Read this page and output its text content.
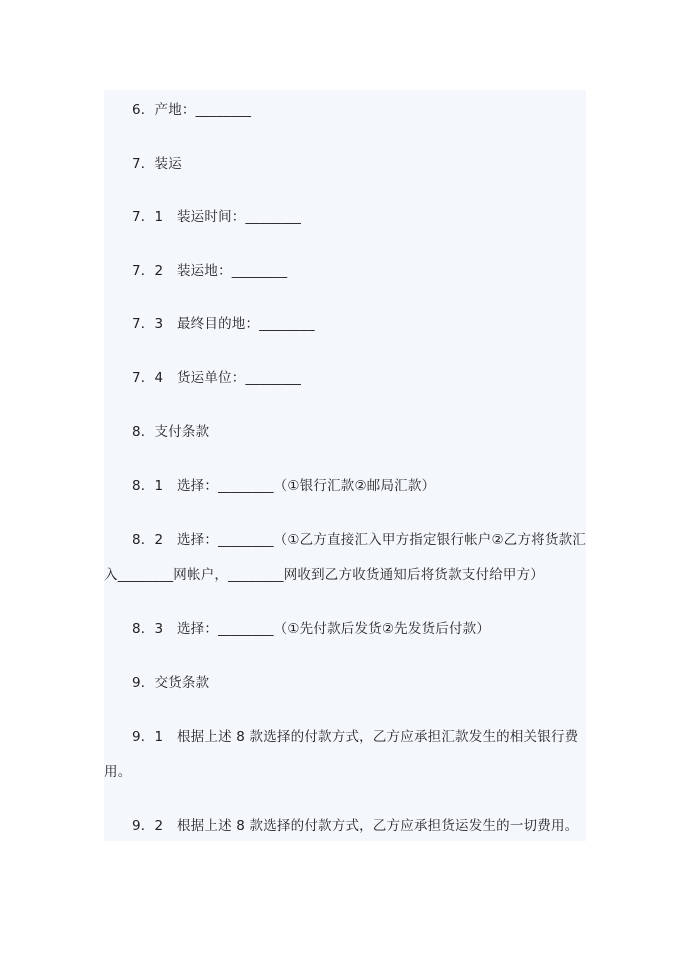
6．产地：________

7．装运

7．1　装运时间：________

7．2　装运地：________

7．3　最终目的地：________

7．4　货运单位：________

8．支付条款

8．1　选择：________（①银行汇款②邮局汇款）

8．2　选择：________（①乙方直接汇入甲方指定银行帐户②乙方将货款汇入________网帐户，________网收到乙方收货通知后将货款支付给甲方）

8．3　选择：________（①先付款后发货②先发货后付款）

9．交货条款

9．1　根据上述 8 款选择的付款方式，乙方应承担汇款发生的相关银行费用。

9．2　根据上述 8 款选择的付款方式，乙方应承担货运发生的一切费用。
